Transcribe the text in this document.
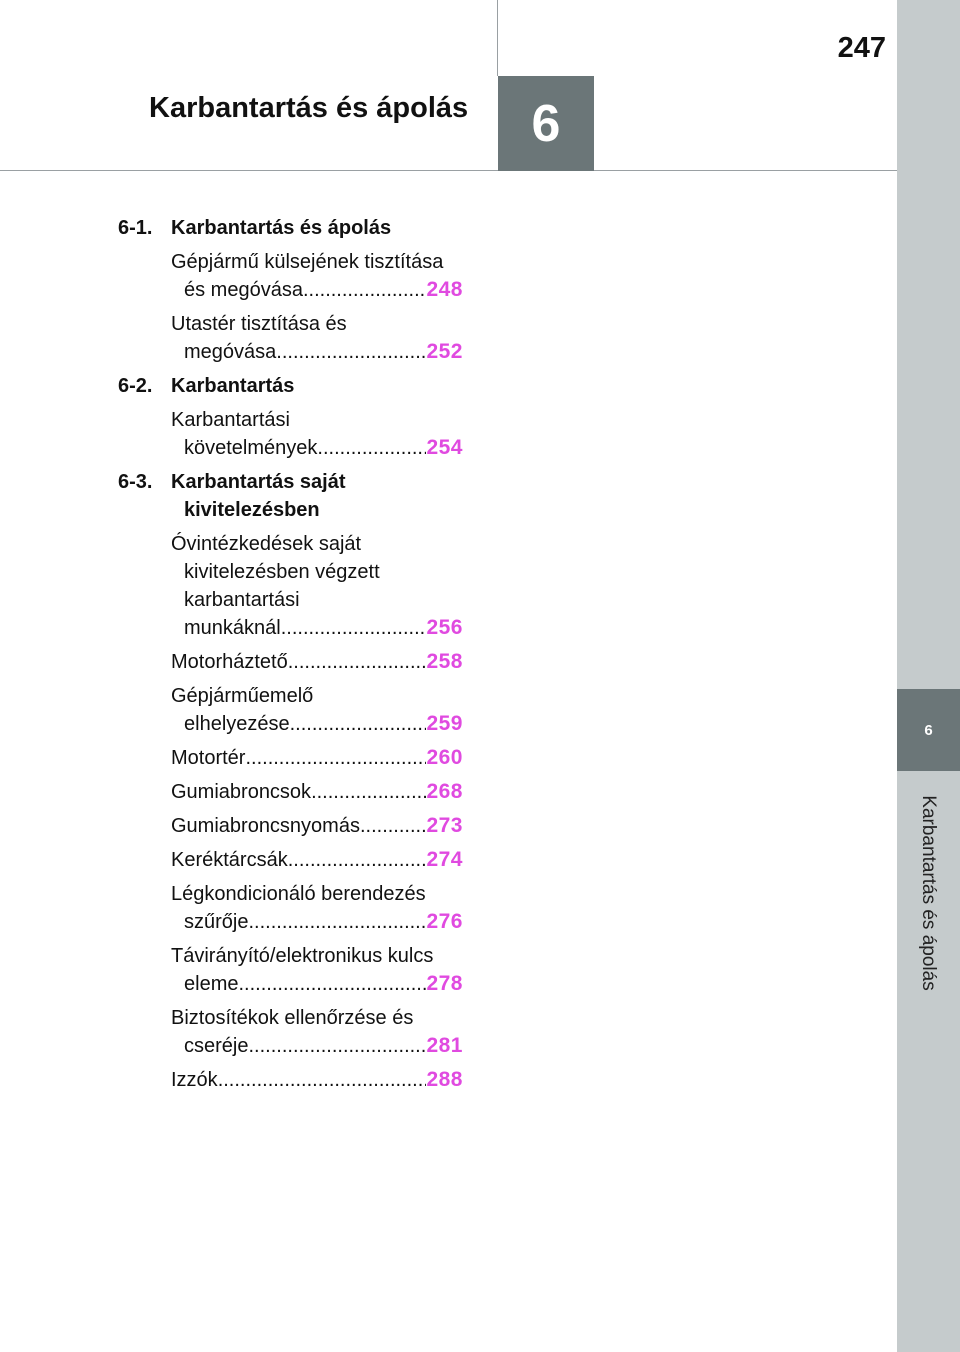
6
Karbantartás és ápolás
247
Karbantartás és ápolás	6
6-1. Karbantartás és ápolás
Gépjármű külsejének tisztítása
és megóvása .....	248
Utastér tisztítása és
megóvása .....	252
6-2. Karbantartás
Karbantartási
követelmények .....	254
6-3. Karbantartás saját kivitelezésben
Óvintézkedések saját
kivitelezésben végzett
karbantartási
munkáknál .....	256
Motorháztető .....	258
Gépjárműemelő
elhelyezése .....	259
Motortér .....	260
Gumiabroncsok .....	268
Gumiabroncsnyomás .....	273
Keréktárcsák .....	274
Légkondicionáló berendezés
szűrője .....	276
Távirányító/elektronikus kulcs
eleme .....	278
Biztosítékok ellenőrzése és
cseréje .....	281
Izzók .....	288
